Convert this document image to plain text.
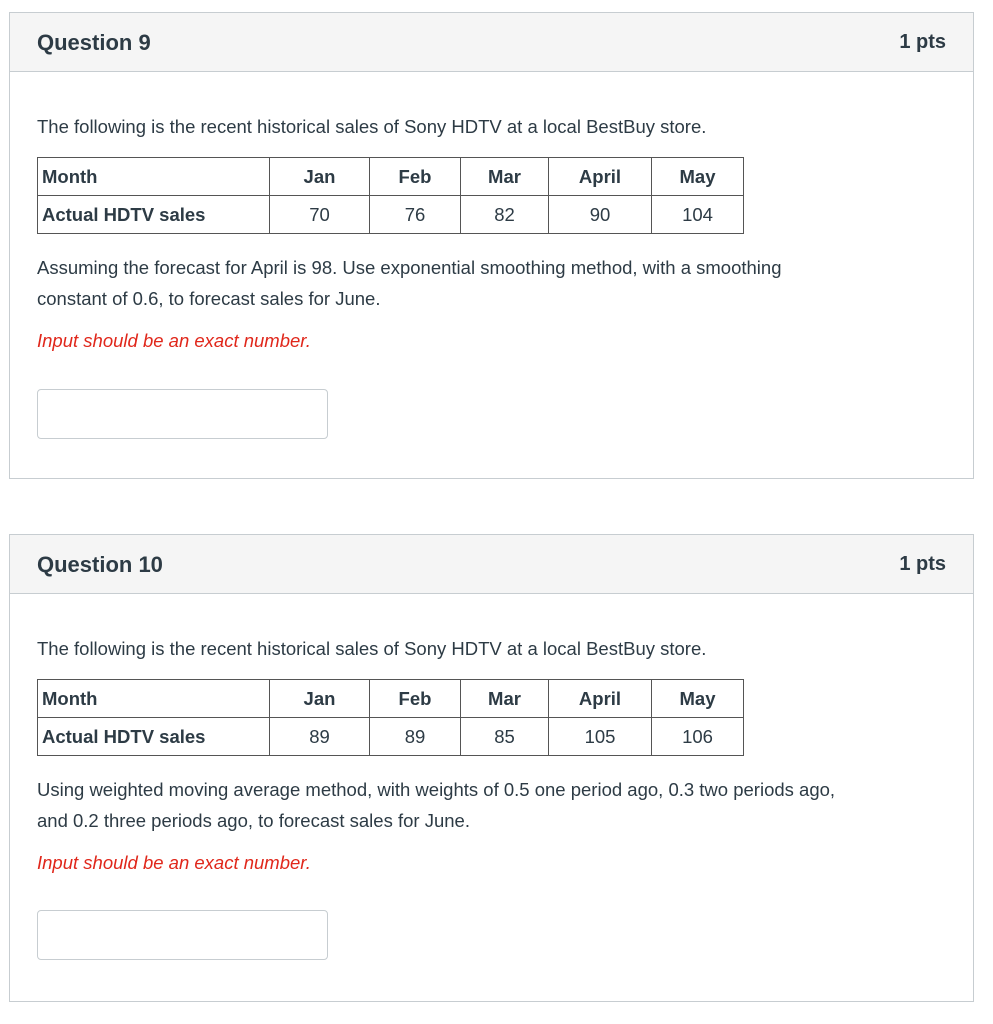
Question 9	1 pts
The following is the recent historical sales of Sony HDTV at a local BestBuy store.
Month	Jan	Feb	Mar	April	May
Actual HDTV sales	70	76	82	90	104
Assuming the forecast for April is 98. Use exponential smoothing method, with a smoothing
constant of 0.6, to forecast sales for June.
Input should be an exact number.
Question 10	1 pts
The following is the recent historical sales of Sony HDTV at a local BestBuy store.
Month	Jan	Feb	Mar	April	May
Actual HDTV sales	89	89	85	105	106
Using weighted moving average method, with weights of 0.5 one period ago, 0.3 two periods ago,
and 0.2 three periods ago, to forecast sales for June.
Input should be an exact number.
